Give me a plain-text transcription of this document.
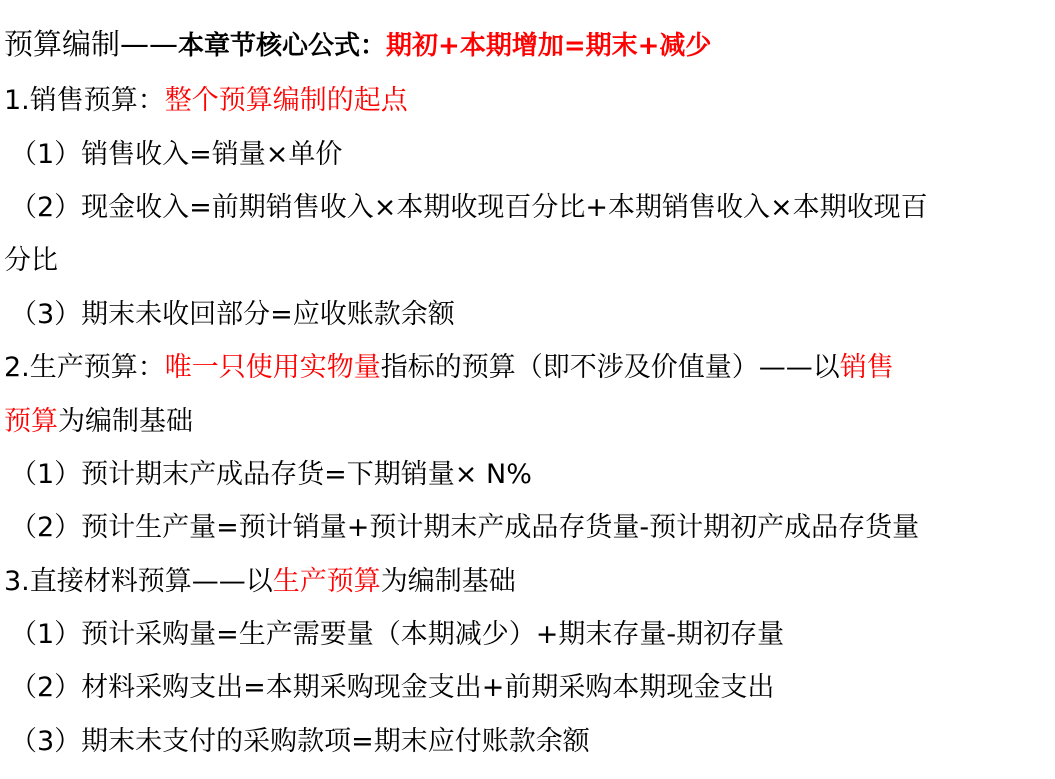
预算编制——本章节核心公式：期初+本期增加=期末+减少
1.销售预算：整个预算编制的起点
（1）销售收入=销量×单价
（2）现金收入=前期销售收入×本期收现百分比+本期销售收入×本期收现百
分比
（3）期末未收回部分=应收账款余额
2.生产预算：唯一只使用实物量指标的预算（即不涉及价值量）——以销售
预算为编制基础
（1）预计期末产成品存货=下期销量× N%
（2）预计生产量=预计销量+预计期末产成品存货量-预计期初产成品存货量
3.直接材料预算——以生产预算为编制基础
（1）预计采购量=生产需要量（本期减少）+期末存量-期初存量
（2）材料采购支出=本期采购现金支出+前期采购本期现金支出
（3）期末未支付的采购款项=期末应付账款余额
